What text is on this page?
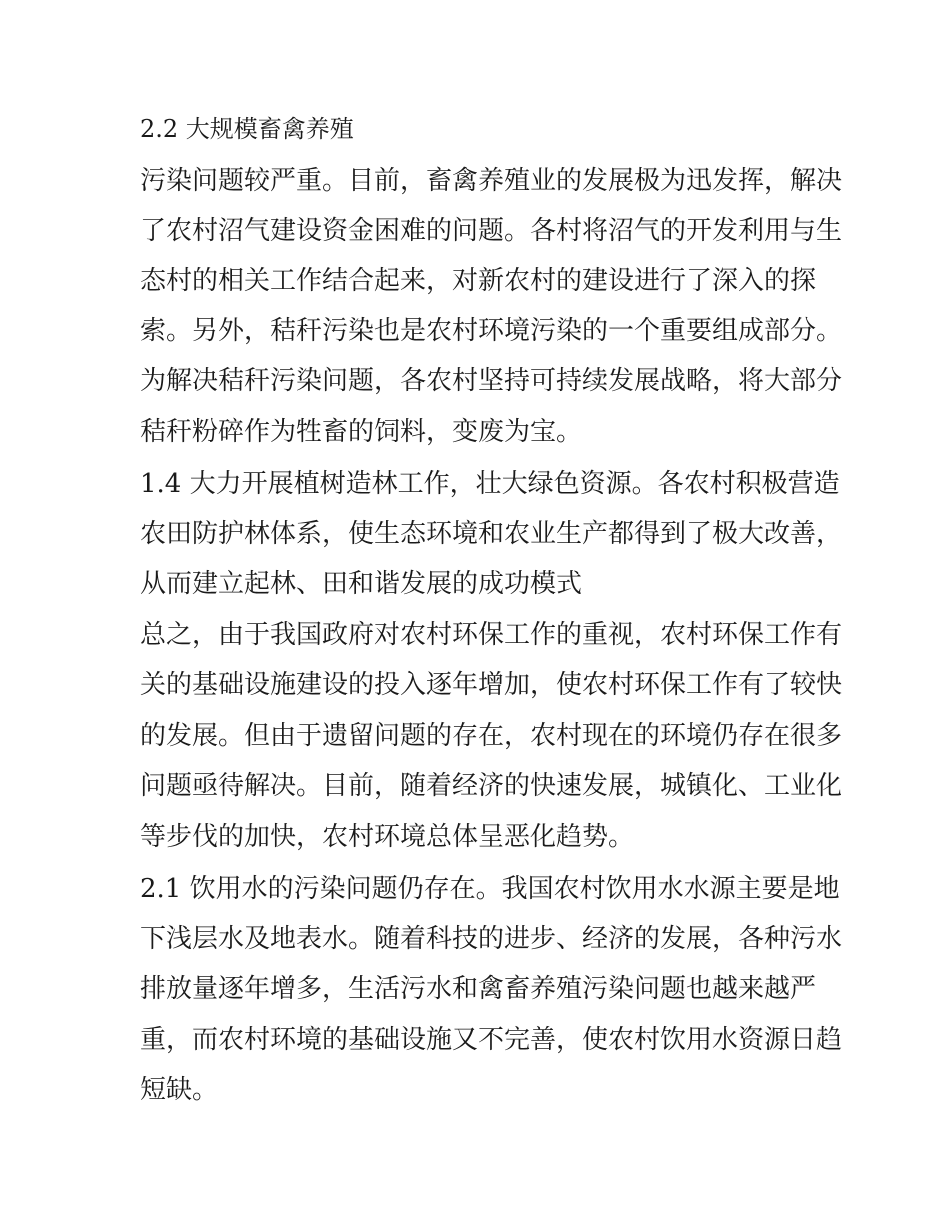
2.2 大规模畜禽养殖
污染问题较严重。目前，畜禽养殖业的发展极为迅发挥，解决
了农村沼气建设资金困难的问题。各村将沼气的开发利用与生
态村的相关工作结合起来，对新农村的建设进行了深入的探
索。另外，秸秆污染也是农村环境污染的一个重要组成部分。
为解决秸秆污染问题，各农村坚持可持续发展战略，将大部分
秸秆粉碎作为牲畜的饲料，变废为宝。
1.4 大力开展植树造林工作，壮大绿色资源。各农村积极营造
农田防护林体系，使生态环境和农业生产都得到了极大改善，
从而建立起林、田和谐发展的成功模式
总之，由于我国政府对农村环保工作的重视，农村环保工作有
关的基础设施建设的投入逐年增加，使农村环保工作有了较快
的发展。但由于遗留问题的存在，农村现在的环境仍存在很多
问题亟待解决。目前，随着经济的快速发展，城镇化、工业化
等步伐的加快，农村环境总体呈恶化趋势。
2.1 饮用水的污染问题仍存在。我国农村饮用水水源主要是地
下浅层水及地表水。随着科技的进步、经济的发展，各种污水
排放量逐年增多，生活污水和禽畜养殖污染问题也越来越严
重，而农村环境的基础设施又不完善，使农村饮用水资源日趋
短缺。
